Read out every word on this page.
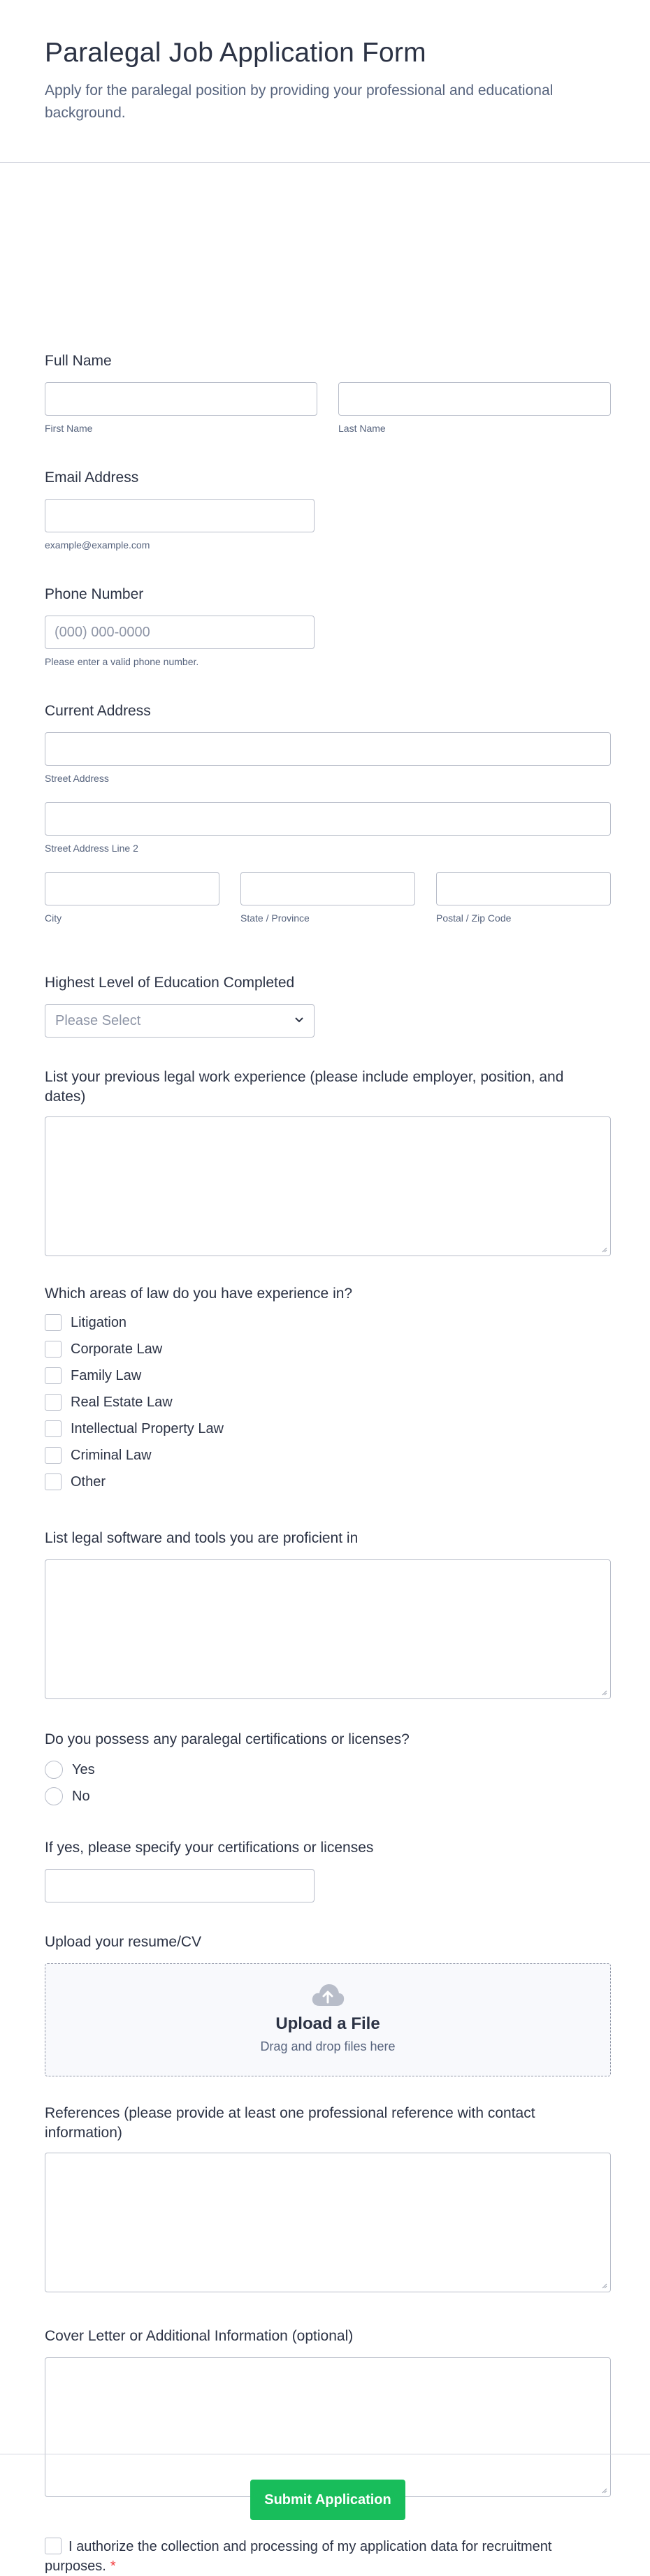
Paralegal Job Application Form

Apply for the paralegal position by providing your professional and educational background.

Full Name
First Name	Last Name
Email Address
example@example.com
Phone Number
(000) 000-0000
Please enter a valid phone number.
Current Address
Street Address
Street Address Line 2
City	State / Province	Postal / Zip Code
Highest Level of Education Completed
Please Select
List your previous legal work experience (please include employer, position, and dates)
Which areas of law do you have experience in?
Litigation
Corporate Law
Family Law
Real Estate Law
Intellectual Property Law
Criminal Law
Other
List legal software and tools you are proficient in
Do you possess any paralegal certifications or licenses?
Yes
No
If yes, please specify your certifications or licenses
Upload your resume/CV
Upload a File
Drag and drop files here
References (please provide at least one professional reference with contact information)
Cover Letter or Additional Information (optional)
I authorize the collection and processing of my application data for recruitment purposes. *
Submit Application
